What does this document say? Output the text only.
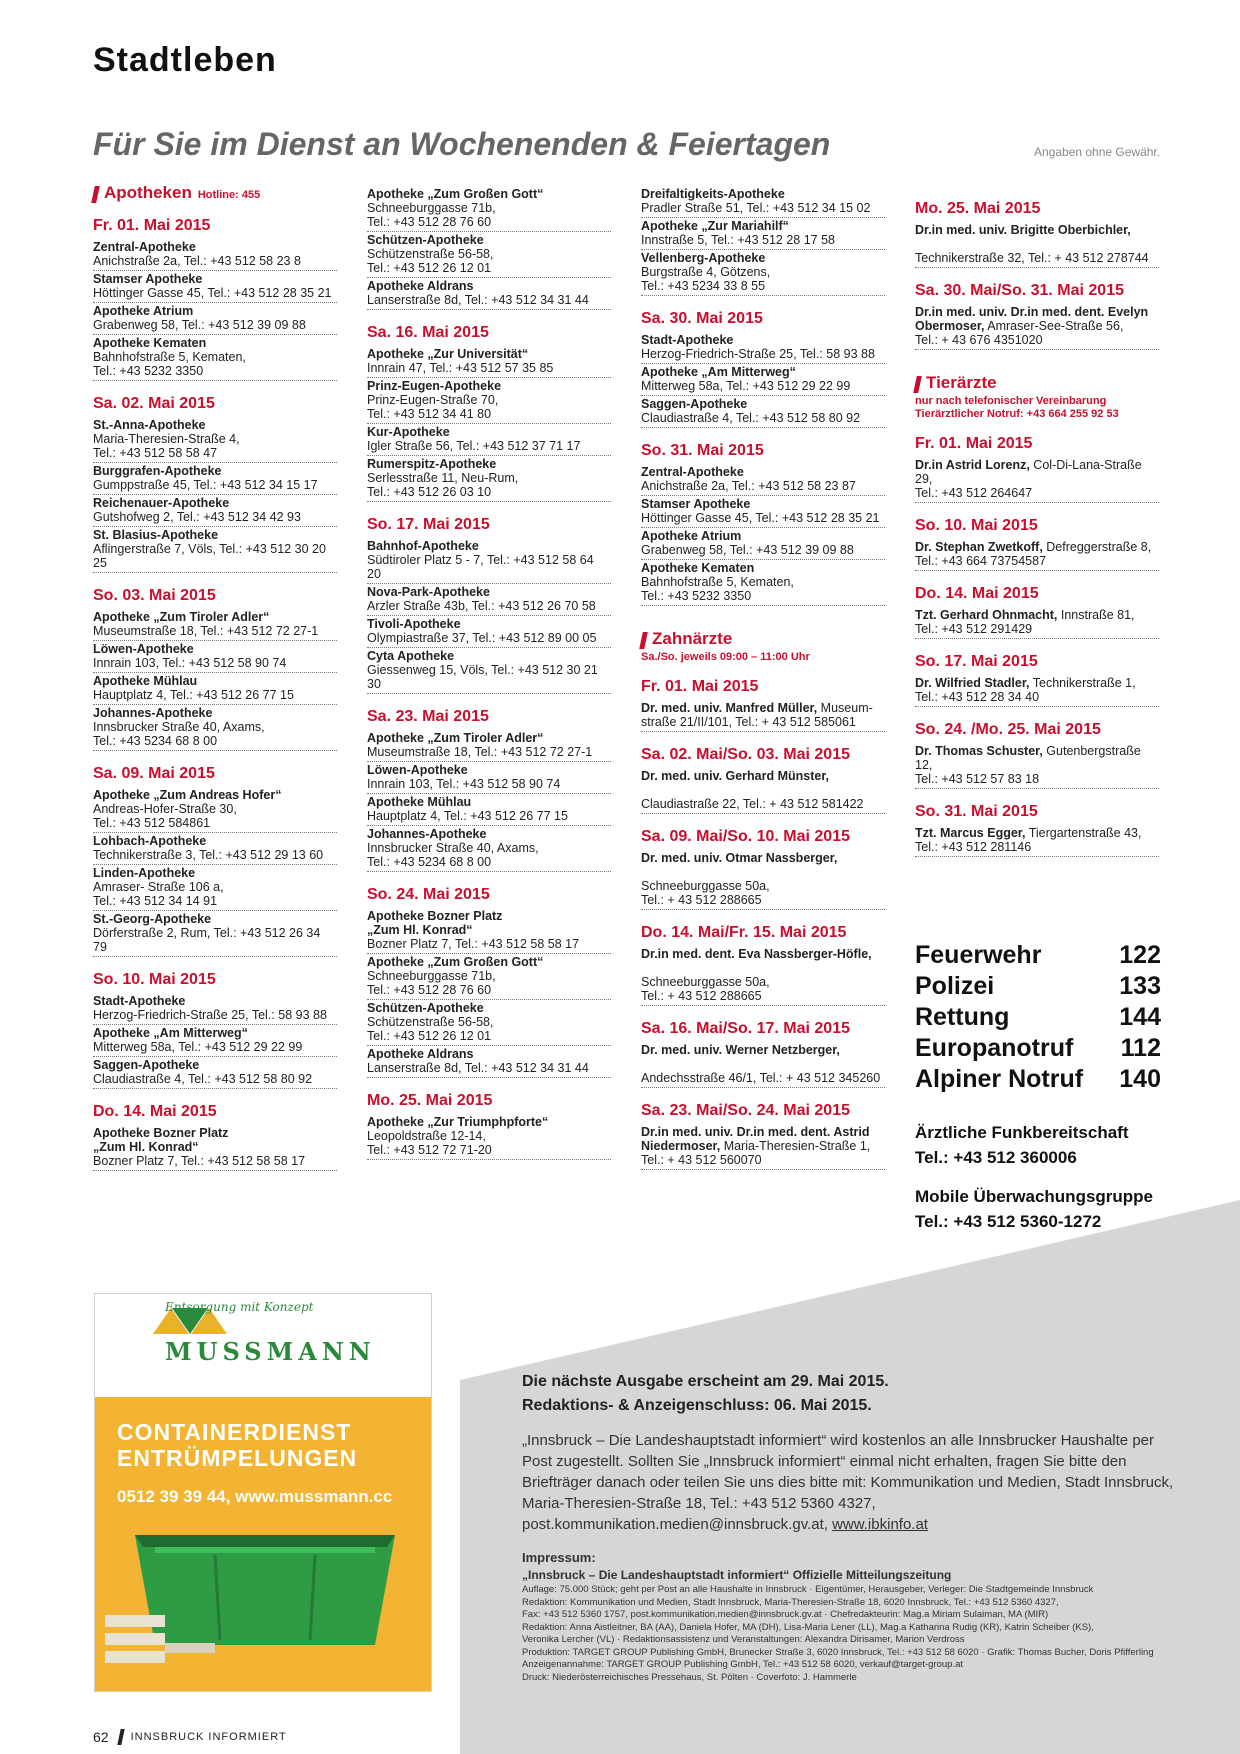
Stadtleben
Für Sie im Dienst an Wochenenden & Feiertagen	Angaben ohne Gewähr.
Apotheken Hotline: 455
Fr. 01. Mai 2015
Zentral-Apotheke
Anichstraße 2a, Tel.: +43 512 58 23 8
Stamser Apotheke
Höttinger Gasse 45, Tel.: +43 512 28 35 21
Apotheke Atrium
Grabenweg 58, Tel.: +43 512 39 09 88
Apotheke Kematen
Bahnhofstraße 5, Kematen,
Tel.: +43 5232 3350
Sa. 02. Mai 2015
St.-Anna-Apotheke
Maria-Theresien-Straße 4,
Tel.: +43 512 58 58 47
Burggrafen-Apotheke
Gumppstraße 45, Tel.: +43 512 34 15 17
Reichenauer-Apotheke
Gutshofweg 2, Tel.: +43 512 34 42 93
St. Blasius-Apotheke
Aflingerstraße 7, Völs, Tel.: +43 512 30 20 25
So. 03. Mai 2015
Apotheke „Zum Tiroler Adler“
Museumstraße 18, Tel.: +43 512 72 27-1
Löwen-Apotheke
Innrain 103, Tel.: +43 512 58 90 74
Apotheke Mühlau
Hauptplatz 4, Tel.: +43 512 26 77 15
Johannes-Apotheke
Innsbrucker Straße 40, Axams,
Tel.: +43 5234 68 8 00
Sa. 09. Mai 2015
Apotheke „Zum Andreas Hofer“
Andreas-Hofer-Straße 30,
Tel.: +43 512 584861
Lohbach-Apotheke
Technikerstraße 3, Tel.: +43 512 29 13 60
Linden-Apotheke
Amraser- Straße 106 a,
Tel.: +43 512 34 14 91
St.-Georg-Apotheke
Dörferstraße 2, Rum, Tel.: +43 512 26 34 79
So. 10. Mai 2015
Stadt-Apotheke
Herzog-Friedrich-Straße 25, Tel.: 58 93 88
Apotheke „Am Mitterweg“
Mitterweg 58a, Tel.: +43 512 29 22 99
Saggen-Apotheke
Claudiastraße 4, Tel.: +43 512 58 80 92
Do. 14. Mai 2015
Apotheke Bozner Platz
„Zum Hl. Konrad“
Bozner Platz 7, Tel.: +43 512 58 58 17
Apotheke „Zum Großen Gott“
Schneeburggasse 71b,
Tel.: +43 512 28 76 60
Schützen-Apotheke
Schützenstraße 56-58,
Tel.: +43 512 26 12 01
Apotheke Aldrans
Lanserstraße 8d, Tel.: +43 512 34 31 44
Sa. 16. Mai 2015
Apotheke „Zur Universität“
Innrain 47, Tel.: +43 512 57 35 85
Prinz-Eugen-Apotheke
Prinz-Eugen-Straße 70,
Tel.: +43 512 34 41 80
Kur-Apotheke
Igler Straße 56, Tel.: +43 512 37 71 17
Rumerspitz-Apotheke
Serlesstraße 11, Neu-Rum,
Tel.: +43 512 26 03 10
So. 17. Mai 2015
Bahnhof-Apotheke
Südtiroler Platz 5 - 7, Tel.: +43 512 58 64 20
Nova-Park-Apotheke
Arzler Straße 43b, Tel.: +43 512 26 70 58
Tivoli-Apotheke
Olympiastraße 37, Tel.: +43 512 89 00 05
Cyta Apotheke
Giessenweg 15, Völs, Tel.: +43 512 30 21 30
Sa. 23. Mai 2015
Apotheke „Zum Tiroler Adler“
Museumstraße 18, Tel.: +43 512 72 27-1
Löwen-Apotheke
Innrain 103, Tel.: +43 512 58 90 74
Apotheke Mühlau
Hauptplatz 4, Tel.: +43 512 26 77 15
Johannes-Apotheke
Innsbrucker Straße 40, Axams,
Tel.: +43 5234 68 8 00
So. 24. Mai 2015
Apotheke Bozner Platz
„Zum Hl. Konrad“
Bozner Platz 7, Tel.: +43 512 58 58 17
Apotheke „Zum Großen Gott“
Schneeburggasse 71b,
Tel.: +43 512 28 76 60
Schützen-Apotheke
Schützenstraße 56-58,
Tel.: +43 512 26 12 01
Apotheke Aldrans
Lanserstraße 8d, Tel.: +43 512 34 31 44
Mo. 25. Mai 2015
Apotheke „Zur Triumphpforte“
Leopoldstraße 12-14,
Tel.: +43 512 72 71-20
Dreifaltigkeits-Apotheke
Pradler Straße 51, Tel.: +43 512 34 15 02
Apotheke „Zur Mariahilf“
Innstraße 5, Tel.: +43 512 28 17 58
Vellenberg-Apotheke
Burgstraße 4, Götzens,
Tel.: +43 5234 33 8 55
Sa. 30. Mai 2015
Stadt-Apotheke
Herzog-Friedrich-Straße 25, Tel.: 58 93 88
Apotheke „Am Mitterweg“
Mitterweg 58a, Tel.: +43 512 29 22 99
Saggen-Apotheke
Claudiastraße 4, Tel.: +43 512 58 80 92
So. 31. Mai 2015
Zentral-Apotheke
Anichstraße 2a, Tel.: +43 512 58 23 87
Stamser Apotheke
Höttinger Gasse 45, Tel.: +43 512 28 35 21
Apotheke Atrium
Grabenweg 58, Tel.: +43 512 39 09 88
Apotheke Kematen
Bahnhofstraße 5, Kematen,
Tel.: +43 5232 3350
Zahnärzte
Sa./So. jeweils 09:00 – 11:00 Uhr
Fr. 01. Mai 2015
Dr. med. univ. Manfred Müller, Museum-
straße 21/II/101, Tel.: + 43 512 585061
Sa. 02. Mai/So. 03. Mai 2015
Dr. med. univ. Gerhard Münster,

Claudiastraße 22, Tel.: + 43 512 581422
Sa. 09. Mai/So. 10. Mai 2015
Dr. med. univ. Otmar Nassberger,

Schneeburggasse 50a,
Tel.: + 43 512 288665
Do. 14. Mai/Fr. 15. Mai 2015
Dr.in med. dent. Eva Nassberger-Höfle,

Schneeburggasse 50a,
Tel.: + 43 512 288665
Sa. 16. Mai/So. 17. Mai 2015
Dr. med. univ. Werner Netzberger,

Andechsstraße 46/1, Tel.: + 43 512 345260
Sa. 23. Mai/So. 24. Mai 2015
Dr.in med. univ. Dr.in med. dent. Astrid
Niedermoser, Maria-Theresien-Straße 1,
Tel.: + 43 512 560070
Mo. 25. Mai 2015
Dr.in med. univ. Brigitte Oberbichler,

Technikerstraße 32, Tel.: + 43 512 278744
Sa. 30. Mai/So. 31. Mai 2015
Dr.in med. univ. Dr.in med. dent. Evelyn
Obermoser, Amraser-See-Straße 56,
Tel.: + 43 676 4351020
Tierärzte
nur nach telefonischer Vereinbarung
Tierärztlicher Notruf: +43 664 255 92 53
Fr. 01. Mai 2015
Dr.in Astrid Lorenz, Col-Di-Lana-Straße 29,
Tel.: +43 512 264647
So. 10. Mai 2015
Dr. Stephan Zwetkoff, Defreggerstraße 8,
Tel.: +43 664 73754587
Do. 14. Mai 2015
Tzt. Gerhard Ohnmacht, Innstraße 81,
Tel.: +43 512 291429
So. 17. Mai 2015
Dr. Wilfried Stadler, Technikerstraße 1,
Tel.: +43 512 28 34 40
So. 24. /Mo. 25. Mai 2015
Dr. Thomas Schuster, Gutenbergstraße 12,
Tel.: +43 512 57 83 18
So. 31. Mai 2015
Tzt. Marcus Egger, Tiergartenstraße 43,
Tel.: +43 512 281146
Feuerwehr	122
Polizei	133
Rettung	144
Europanotruf 112
Alpiner Notruf 140

Ärztliche Funkbereitschaft
Tel.: +43 512 360006

Mobile Überwachungsgruppe
Tel.: +43 512 5360-1272

Entsorgung mit Konzept
MUSSMANN
CONTAINERDIENST
ENTRÜMPELUNGEN
0512 39 39 44, www.mussmann.cc
Die nächste Ausgabe erscheint am 29. Mai 2015.
Redaktions- & Anzeigenschluss: 06. Mai 2015.
„Innsbruck – Die Landeshauptstadt informiert“ wird kostenlos an alle Innsbrucker Haushalte per Post zugestellt. Sollten Sie „Innsbruck informiert“ einmal nicht erhalten, fragen Sie bitte den Briefträger danach oder teilen Sie uns dies bitte mit: Kommunikation und Medien, Stadt Innsbruck, Maria-Theresien-Straße 18, Tel.: +43 512 5360 4327, post.kommunikation.medien@innsbruck.gv.at, www.ibkinfo.at
Impressum:
„Innsbruck – Die Landeshauptstadt informiert“ Offizielle Mitteilungszeitung
Auflage: 75.000 Stück; geht per Post an alle Haushalte in Innsbruck · Eigentümer, Herausgeber, Verleger: Die Stadtgemeinde Innsbruck
Redaktion: Kommunikation und Medien, Stadt Innsbruck, Maria-Theresien-Straße 18, 6020 Innsbruck, Tel.: +43 512 5360 4327,
Fax: +43 512 5360 1757, post.kommunikation.medien@innsbruck.gv.at · Chefredakteurin: Mag.a Miriam Sulaiman, MA (MIR)
Redaktion: Anna Aistleitner, BA (AA), Daniela Hofer, MA (DH), Lisa-Maria Lener (LL), Mag.a Katharina Rudig (KR), Katrin Scheiber (KS),
Veronika Lercher (VL) · Redaktionsassistenz und Veranstaltungen: Alexandra Dirisamer, Marion Verdross
Produktion: TARGET GROUP Publishing GmbH, Brunecker Straße 3, 6020 Innsbruck, Tel.: +43 512 58 6020 · Grafik: Thomas Bucher, Doris Pfifferling
Anzeigenannahme: TARGET GROUP Publishing GmbH, Tel.: +43 512 58 6020, verkauf@target-group.at
Druck: Niederösterreichisches Pressehaus, St. Pölten · Coverfoto: J. Hammerle
62 INNSBRUCK INFORMIERT
